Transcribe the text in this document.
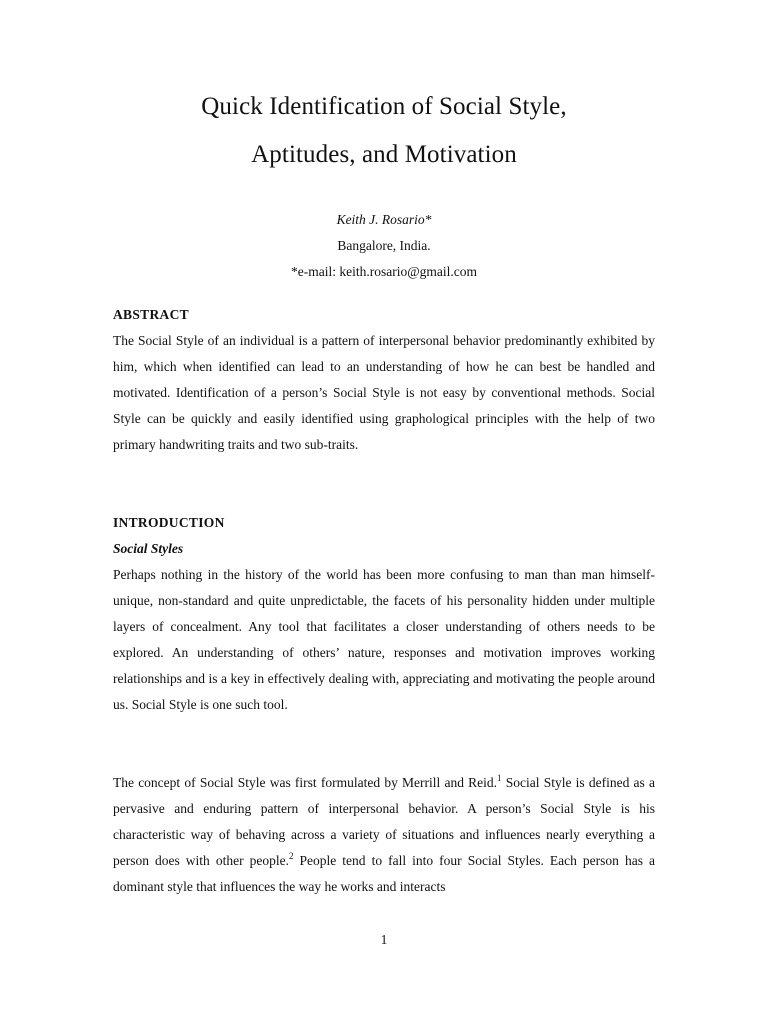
Quick Identification of Social Style,
Aptitudes, and Motivation

Keith J. Rosario*

Bangalore, India.

*e-mail: keith.rosario@gmail.com

ABSTRACT

The Social Style of an individual is a pattern of interpersonal behavior predominantly exhibited by him, which when identified can lead to an understanding of how he can best be handled and motivated. Identification of a person’s Social Style is not easy by conventional methods. Social Style can be quickly and easily identified using graphological principles with the help of two primary handwriting traits and two sub-traits.

INTRODUCTION
Social Styles

Perhaps nothing in the history of the world has been more confusing to man than man himself- unique, non-standard and quite unpredictable, the facets of his personality hidden under multiple layers of concealment. Any tool that facilitates a closer understanding of others needs to be explored. An understanding of others’ nature, responses and motivation improves working relationships and is a key in effectively dealing with, appreciating and motivating the people around us. Social Style is one such tool.

The concept of Social Style was first formulated by Merrill and Reid.$^1$ Social Style is defined as a pervasive and enduring pattern of interpersonal behavior. A person’s Social Style is his characteristic way of behaving across a variety of situations and influences nearly everything a person does with other people.$^2$ People tend to fall into four Social Styles. Each person has a dominant style that influences the way he works and interacts

1
